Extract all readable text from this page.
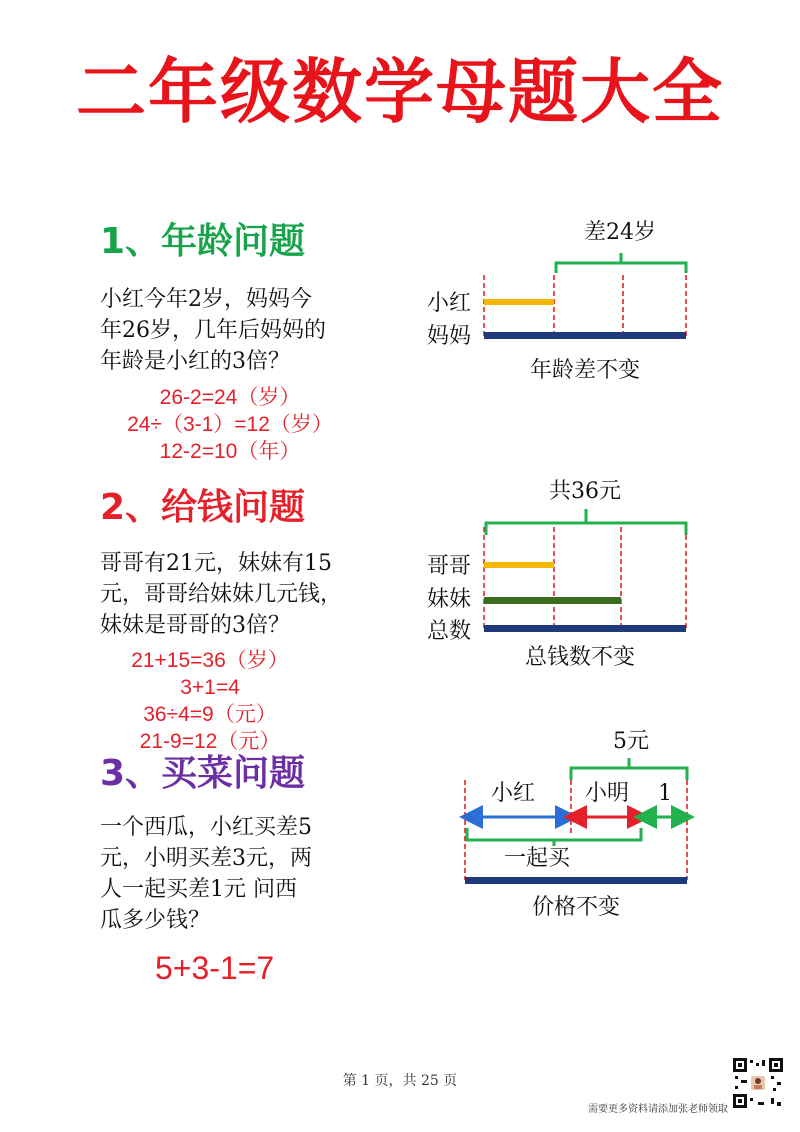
二年级数学母题大全
1、年龄问题
小红今年2岁，妈妈今
年26岁，几年后妈妈的
年龄是小红的3倍？
26-2=24（岁）
24÷（3-1）=12（岁）
12-2=10（年）
差24岁
小红
妈妈
年龄差不变
2、给钱问题
哥哥有21元，妹妹有15
元，哥哥给妹妹几元钱，
妹妹是哥哥的3倍？
21+15=36（岁）
3+1=4
36÷4=9（元）
21-9=12（元）
共36元
哥哥
妹妹
总数
总钱数不变
3、买菜问题
一个西瓜，小红买差5
元，小明买差3元，两
人一起买差1元 问西
瓜多少钱？
5+3-1=7
5元
小红 小明 1
一起买
价格不变
第 1 页，共 25 页
需要更多资料请添加张老师领取
